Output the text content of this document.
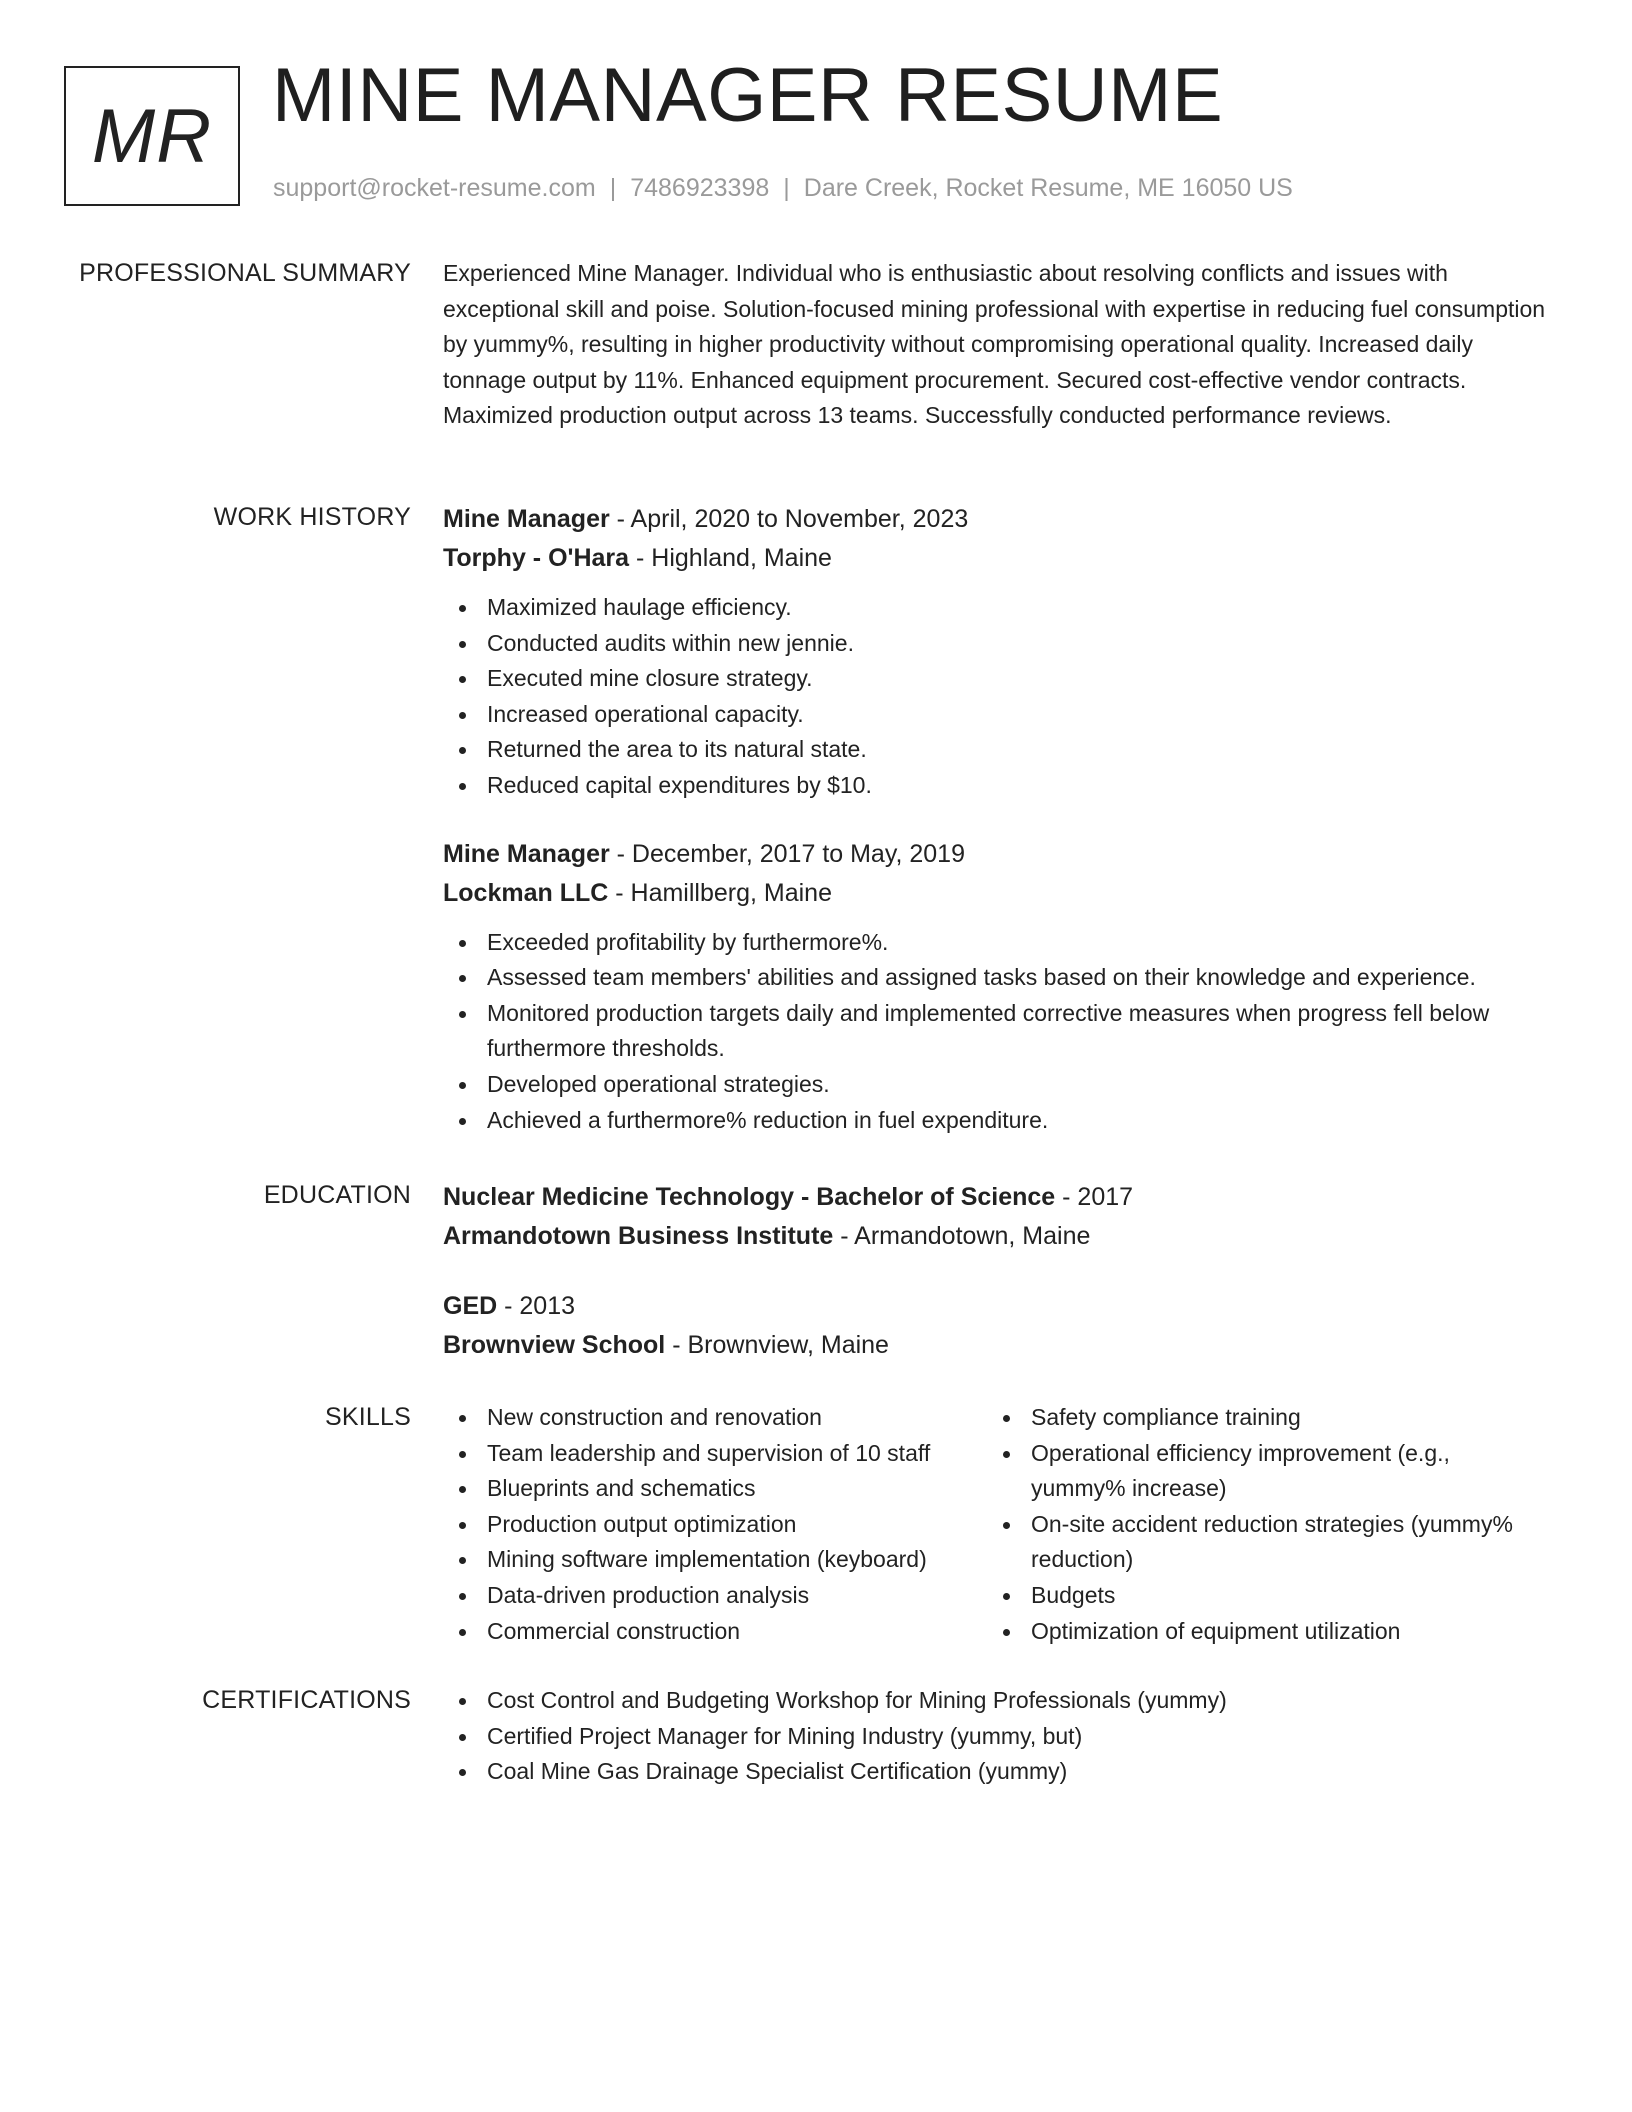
MR MINE MANAGER RESUME
support@rocket-resume.com | 7486923398 | Dare Creek, Rocket Resume, ME 16050 US
PROFESSIONAL SUMMARY Experienced Mine Manager. Individual who is enthusiastic about resolving conflicts and issues with exceptional skill and poise. Solution-focused mining professional with expertise in reducing fuel consumption by yummy%, resulting in higher productivity without compromising operational quality. Increased daily tonnage output by 11%. Enhanced equipment procurement. Secured cost-effective vendor contracts. Maximized production output across 13 teams. Successfully conducted performance reviews.
WORK HISTORY Mine Manager - April, 2020 to November, 2023
Torphy - O'Hara - Highland, Maine
Maximized haulage efficiency.
Conducted audits within new jennie.
Executed mine closure strategy.
Increased operational capacity.
Returned the area to its natural state.
Reduced capital expenditures by $10.
Mine Manager - December, 2017 to May, 2019
Lockman LLC - Hamillberg, Maine
Exceeded profitability by furthermore%.
Assessed team members' abilities and assigned tasks based on their knowledge and experience.
Monitored production targets daily and implemented corrective measures when progress fell below furthermore thresholds.
Developed operational strategies.
Achieved a furthermore% reduction in fuel expenditure.
EDUCATION Nuclear Medicine Technology - Bachelor of Science - 2017
Armandotown Business Institute - Armandotown, Maine
GED - 2013
Brownview School - Brownview, Maine
SKILLS	New construction and renovation
Team leadership and supervision of 10 staff
Blueprints and schematics
Production output optimization
Mining software implementation (keyboard)
Data-driven production analysis
Commercial construction
Safety compliance training
Operational efficiency improvement (e.g., yummy% increase)
On-site accident reduction strategies (yummy% reduction)
Budgets
Optimization of equipment utilization
CERTIFICATIONS	Cost Control and Budgeting Workshop for Mining Professionals (yummy)
Certified Project Manager for Mining Industry (yummy, but)
Coal Mine Gas Drainage Specialist Certification (yummy)
